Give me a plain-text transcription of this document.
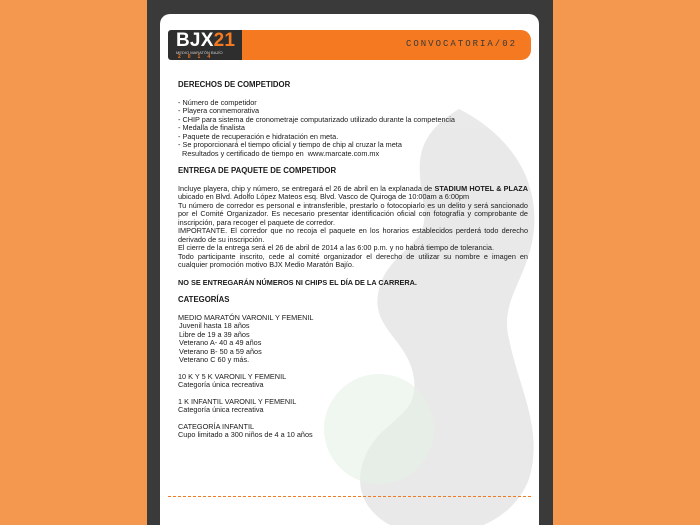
BJX21
MEDIO MARATÓN BAJÍO
2014
CONVOCATORIA/02
DERECHOS DE COMPETIDOR
- Número de competidor
- Playera conmemorativa
- CHIP para sistema de cronometraje computarizado utilizado durante la competencia
- Medalla de finalista
- Paquete de recuperación e hidratación en meta.
- Se proporcionará el tiempo oficial y tiempo de chip al cruzar la meta
Resultados y certificado de tiempo en  www.marcate.com.mx
ENTREGA DE PAQUETE DE COMPETIDOR
Incluye playera, chip y número, se entregará el 26 de abril en la explanada de STADIUM HOTEL & PLAZA ubicado en Blvd. Adolfo López Mateos esq. Blvd. Vasco de Quiroga de 10:00am a 6:00pm
Tu número de corredor es personal e intransferible, prestarlo o fotocopiarlo es un delito y será sancionado por el Comité Organizador. Es necesario presentar identificación oficial con fotografía y comprobante de inscripción, para recoger el paquete de corredor.
IMPORTANTE. El corredor que no recoja el paquete en los horarios establecidos perderá todo derecho derivado de su inscripción.
El cierre de la entrega será el 26 de abril de 2014 a las 6:00 p.m. y no habrá tiempo de tolerancia.
Todo participante inscrito, cede al comité organizador el derecho de utilizar su nombre e imagen en cualquier promoción motivo BJX Medio Maratón Bajío.
NO SE ENTREGARÁN NÚMEROS NI CHIPS EL DÍA DE LA CARRERA.
CATEGORÍAS
MEDIO MARATÓN VARONIL Y FEMENIL
Juvenil hasta 18 años
Libre de 19 a 39 años
Veterano A- 40 a 49 años
Veterano B- 50 a 59 años
Veterano C 60 y más.
10 K Y 5 K VARONIL Y FEMENIL
Categoría única recreativa
1 K INFANTIL VARONIL Y FEMENIL
Categoría única recreativa
CATEGORÍA INFANTIL
Cupo limitado a 300 niños de 4 a 10 años
